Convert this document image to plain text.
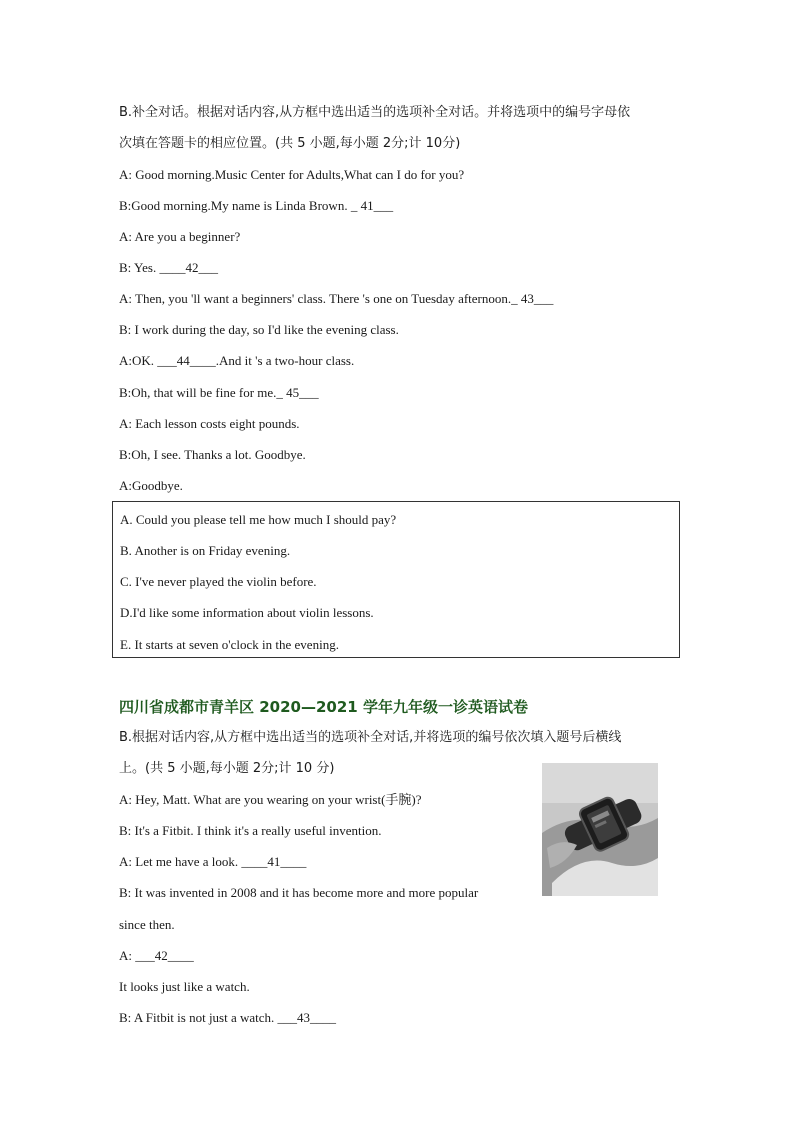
B.补全对话。根据对话内容,从方框中选出适当的选项补全对话。并将选项中的编号字母依
次填在答题卡的相应位置。(共 5 小题,每小题 2分;计 10分)
A: Good morning.Music Center for Adults,What can I do for you?
B:Good morning.My name is Linda Brown. _ 41___
A: Are you a beginner?
B: Yes. ____42___
A: Then, you 'll want a beginners' class. There 's one on Tuesday afternoon._ 43___
B: I work during the day, so I'd like the evening class.
A:OK. ___44____.And it 's a two-hour class.
B:Oh, that will be fine for me._ 45___
A: Each lesson costs eight pounds.
B:Oh, I see. Thanks a lot. Goodbye.
A:Goodbye.
A. Could you please tell me how much I should pay?
B. Another is on Friday evening.
C. I've never played the violin before.
D.I'd like some information about violin lessons.
E. It starts at seven o'clock in the evening.
四川省成都市青羊区 2020—2021 学年九年级一诊英语试卷
B.根据对话内容,从方框中选出适当的选项补全对话,并将选项的编号依次填入题号后横线
上。(共 5 小题,每小题 2分;计 10 分)
A: Hey, Matt. What are you wearing on your wrist(手腕)?
B: It's a Fitbit. I think it's a really useful invention.
A: Let me have a look. ____41____
B: It was invented in 2008 and it has become more and more popular
since then.
A: ___42____
It looks just like a watch.
B: A Fitbit is not just a watch. ___43____
